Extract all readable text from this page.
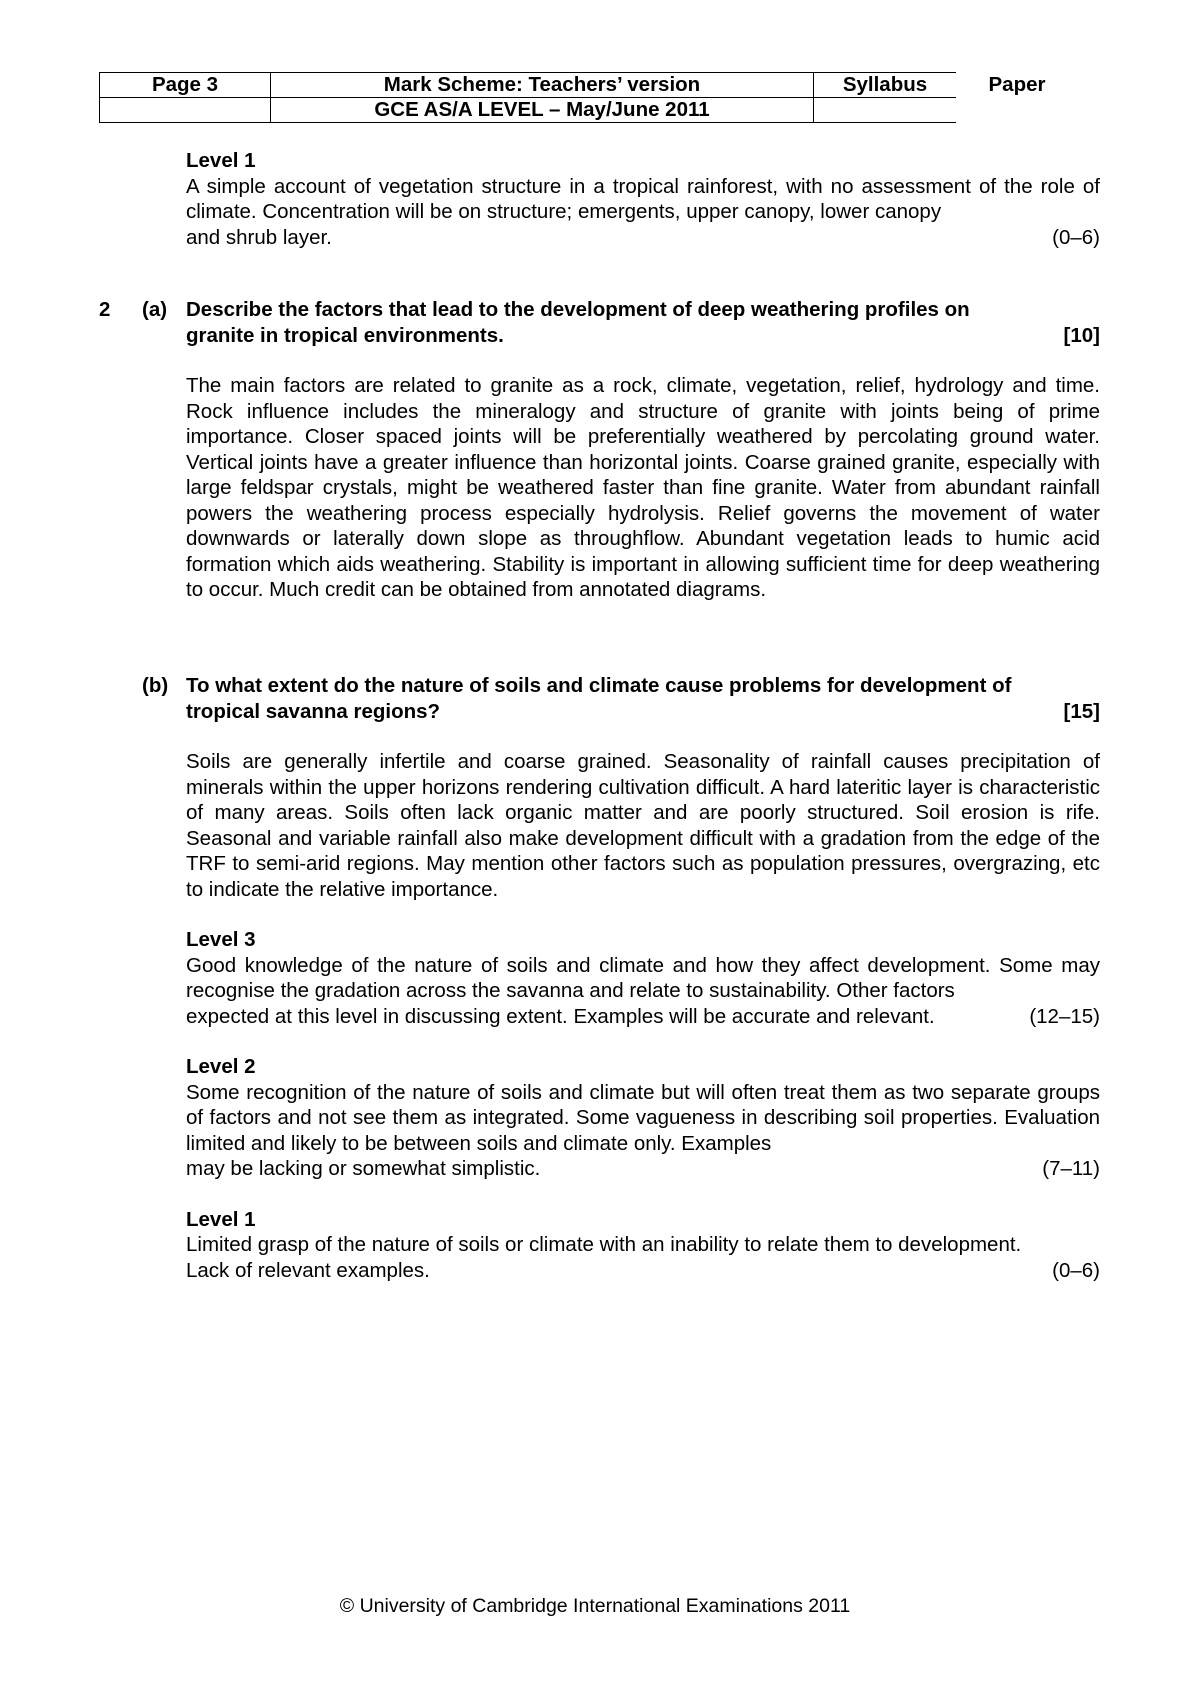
Page 3	Mark Scheme: Teachers’ version	Syllabus	Paper
	GCE AS/A LEVEL – May/June 2011		

Level 1

A simple account of vegetation structure in a tropical rainforest, with no assessment of the role of climate. Concentration will be on structure; emergents, upper canopy, lower canopy

and shrub layer.	(0–6)
2 (a) Describe the factors that lead to the development of deep weathering profiles on

granite in tropical environments.	[10]

The main factors are related to granite as a rock, climate, vegetation, relief, hydrology and time. Rock influence includes the mineralogy and structure of granite with joints being of prime importance. Closer spaced joints will be preferentially weathered by percolating ground water. Vertical joints have a greater influence than horizontal joints. Coarse grained granite, especially with large feldspar crystals, might be weathered faster than fine granite. Water from abundant rainfall powers the weathering process especially hydrolysis. Relief governs the movement of water downwards or laterally down slope as throughflow. Abundant vegetation leads to humic acid formation which aids weathering. Stability is important in allowing sufficient time for deep weathering to occur. Much credit can be obtained from annotated diagrams.

(b) To what extent do the nature of soils and climate cause problems for development of

tropical savanna regions?	[15]

Soils are generally infertile and coarse grained. Seasonality of rainfall causes precipitation of minerals within the upper horizons rendering cultivation difficult. A hard lateritic layer is characteristic of many areas. Soils often lack organic matter and are poorly structured. Soil erosion is rife. Seasonal and variable rainfall also make development difficult with a gradation from the edge of the TRF to semi-arid regions. May mention other factors such as population pressures, overgrazing, etc to indicate the relative importance.

Level 3

Good knowledge of the nature of soils and climate and how they affect development. Some may recognise the gradation across the savanna and relate to sustainability. Other factors

expected at this level in discussing extent. Examples will be accurate and relevant.	(12–15)

Level 2

Some recognition of the nature of soils and climate but will often treat them as two separate groups of factors and not see them as integrated. Some vagueness in describing soil properties. Evaluation limited and likely to be between soils and climate only. Examples

may be lacking or somewhat simplistic.	(7–11)

Level 1

Limited grasp of the nature of soils or climate with an inability to relate them to development.

Lack of relevant examples.	(0–6)
© University of Cambridge International Examinations 2011
